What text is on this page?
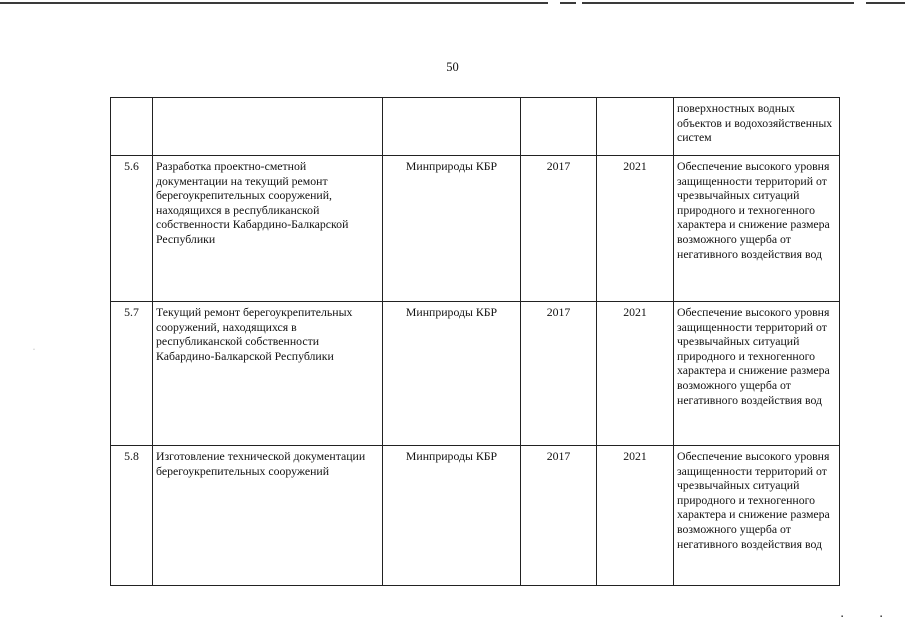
50
					поверхностных водных объектов и водохозяйственных систем
5.6	Разработка проектно-сметной документации на текущий ремонт берегоукрепительных сооружений, находящихся в республиканской собственности Кабардино-Балкарской Республики	Минприроды КБР	2017	2021	Обеспечение высокого уровня защищенности территорий от чрезвычайных ситуаций природного и техногенного характера и снижение размера возможного ущерба от негативного воздействия вод
5.7	Текущий ремонт берегоукрепительных сооружений, находящихся в республиканской собственности Кабардино-Балкарской Республики	Минприроды КБР	2017	2021	Обеспечение высокого уровня защищенности территорий от чрезвычайных ситуаций природного и техногенного характера и снижение размера возможного ущерба от негативного воздействия вод
5.8	Изготовление технической документации берегоукрепительных сооружений	Минприроды КБР	2017	2021	Обеспечение высокого уровня защищенности территорий от чрезвычайных ситуаций природного и техногенного характера и снижение размера возможного ущерба от негативного воздействия вод
·
▪	▪
